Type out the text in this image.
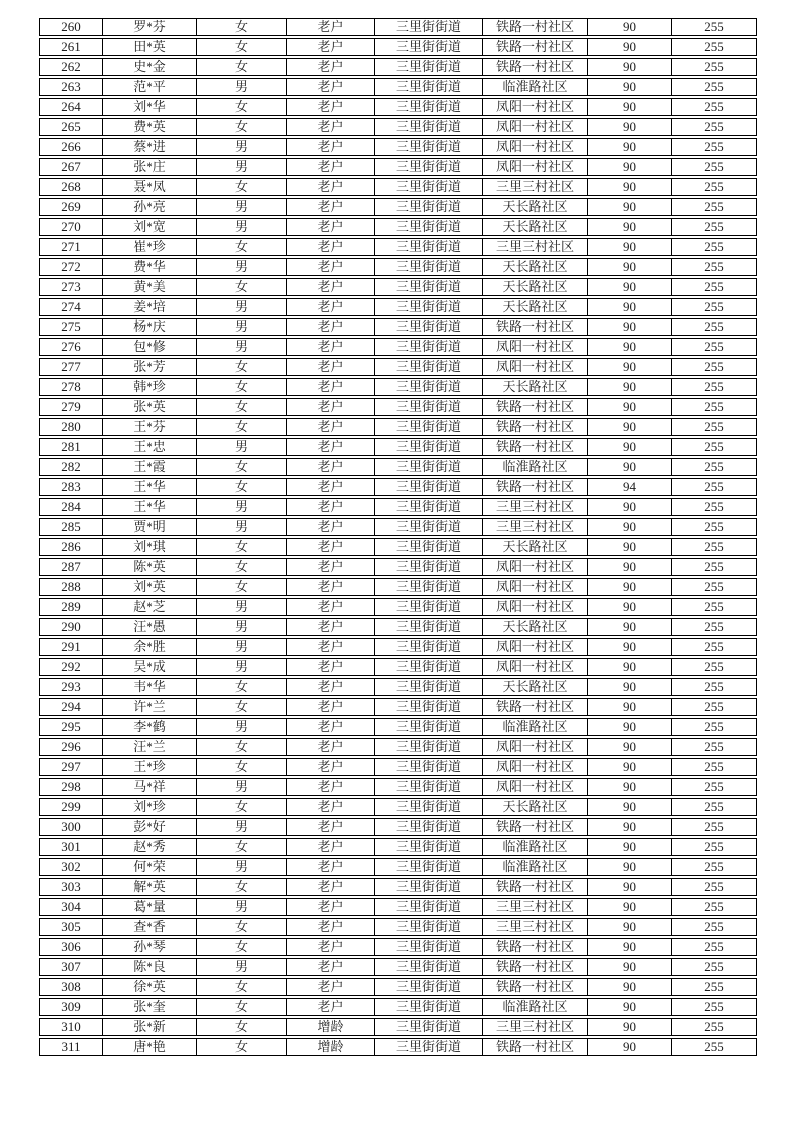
260	罗*芬	女	老户	三里街街道	铁路一村社区	90	255
261	田*英	女	老户	三里街街道	铁路一村社区	90	255
262	史*金	女	老户	三里街街道	铁路一村社区	90	255
263	范*平	男	老户	三里街街道	临淮路社区	90	255
264	刘*华	女	老户	三里街街道	凤阳一村社区	90	255
265	费*英	女	老户	三里街街道	凤阳一村社区	90	255
266	蔡*进	男	老户	三里街街道	凤阳一村社区	90	255
267	张*庄	男	老户	三里街街道	凤阳一村社区	90	255
268	聂*凤	女	老户	三里街街道	三里三村社区	90	255
269	孙*亮	男	老户	三里街街道	天长路社区	90	255
270	刘*宽	男	老户	三里街街道	天长路社区	90	255
271	崔*珍	女	老户	三里街街道	三里三村社区	90	255
272	费*华	男	老户	三里街街道	天长路社区	90	255
273	黄*美	女	老户	三里街街道	天长路社区	90	255
274	姜*培	男	老户	三里街街道	天长路社区	90	255
275	杨*庆	男	老户	三里街街道	铁路一村社区	90	255
276	包*修	男	老户	三里街街道	凤阳一村社区	90	255
277	张*芳	女	老户	三里街街道	凤阳一村社区	90	255
278	韩*珍	女	老户	三里街街道	天长路社区	90	255
279	张*英	女	老户	三里街街道	铁路一村社区	90	255
280	王*芬	女	老户	三里街街道	铁路一村社区	90	255
281	王*忠	男	老户	三里街街道	铁路一村社区	90	255
282	王*霞	女	老户	三里街街道	临淮路社区	90	255
283	王*华	女	老户	三里街街道	铁路一村社区	94	255
284	王*华	男	老户	三里街街道	三里三村社区	90	255
285	贾*明	男	老户	三里街街道	三里三村社区	90	255
286	刘*琪	女	老户	三里街街道	天长路社区	90	255
287	陈*英	女	老户	三里街街道	凤阳一村社区	90	255
288	刘*英	女	老户	三里街街道	凤阳一村社区	90	255
289	赵*芝	男	老户	三里街街道	凤阳一村社区	90	255
290	汪*愚	男	老户	三里街街道	天长路社区	90	255
291	余*胜	男	老户	三里街街道	凤阳一村社区	90	255
292	吴*成	男	老户	三里街街道	凤阳一村社区	90	255
293	韦*华	女	老户	三里街街道	天长路社区	90	255
294	许*兰	女	老户	三里街街道	铁路一村社区	90	255
295	李*鹤	男	老户	三里街街道	临淮路社区	90	255
296	汪*兰	女	老户	三里街街道	凤阳一村社区	90	255
297	王*珍	女	老户	三里街街道	凤阳一村社区	90	255
298	马*祥	男	老户	三里街街道	凤阳一村社区	90	255
299	刘*珍	女	老户	三里街街道	天长路社区	90	255
300	彭*好	男	老户	三里街街道	铁路一村社区	90	255
301	赵*秀	女	老户	三里街街道	临淮路社区	90	255
302	何*荣	男	老户	三里街街道	临淮路社区	90	255
303	解*英	女	老户	三里街街道	铁路一村社区	90	255
304	葛*量	男	老户	三里街街道	三里三村社区	90	255
305	查*香	女	老户	三里街街道	三里三村社区	90	255
306	孙*琴	女	老户	三里街街道	铁路一村社区	90	255
307	陈*良	男	老户	三里街街道	铁路一村社区	90	255
308	徐*英	女	老户	三里街街道	铁路一村社区	90	255
309	张*奎	女	老户	三里街街道	临淮路社区	90	255
310	张*新	女	增龄	三里街街道	三里三村社区	90	255
311	唐*艳	女	增龄	三里街街道	铁路一村社区	90	255
